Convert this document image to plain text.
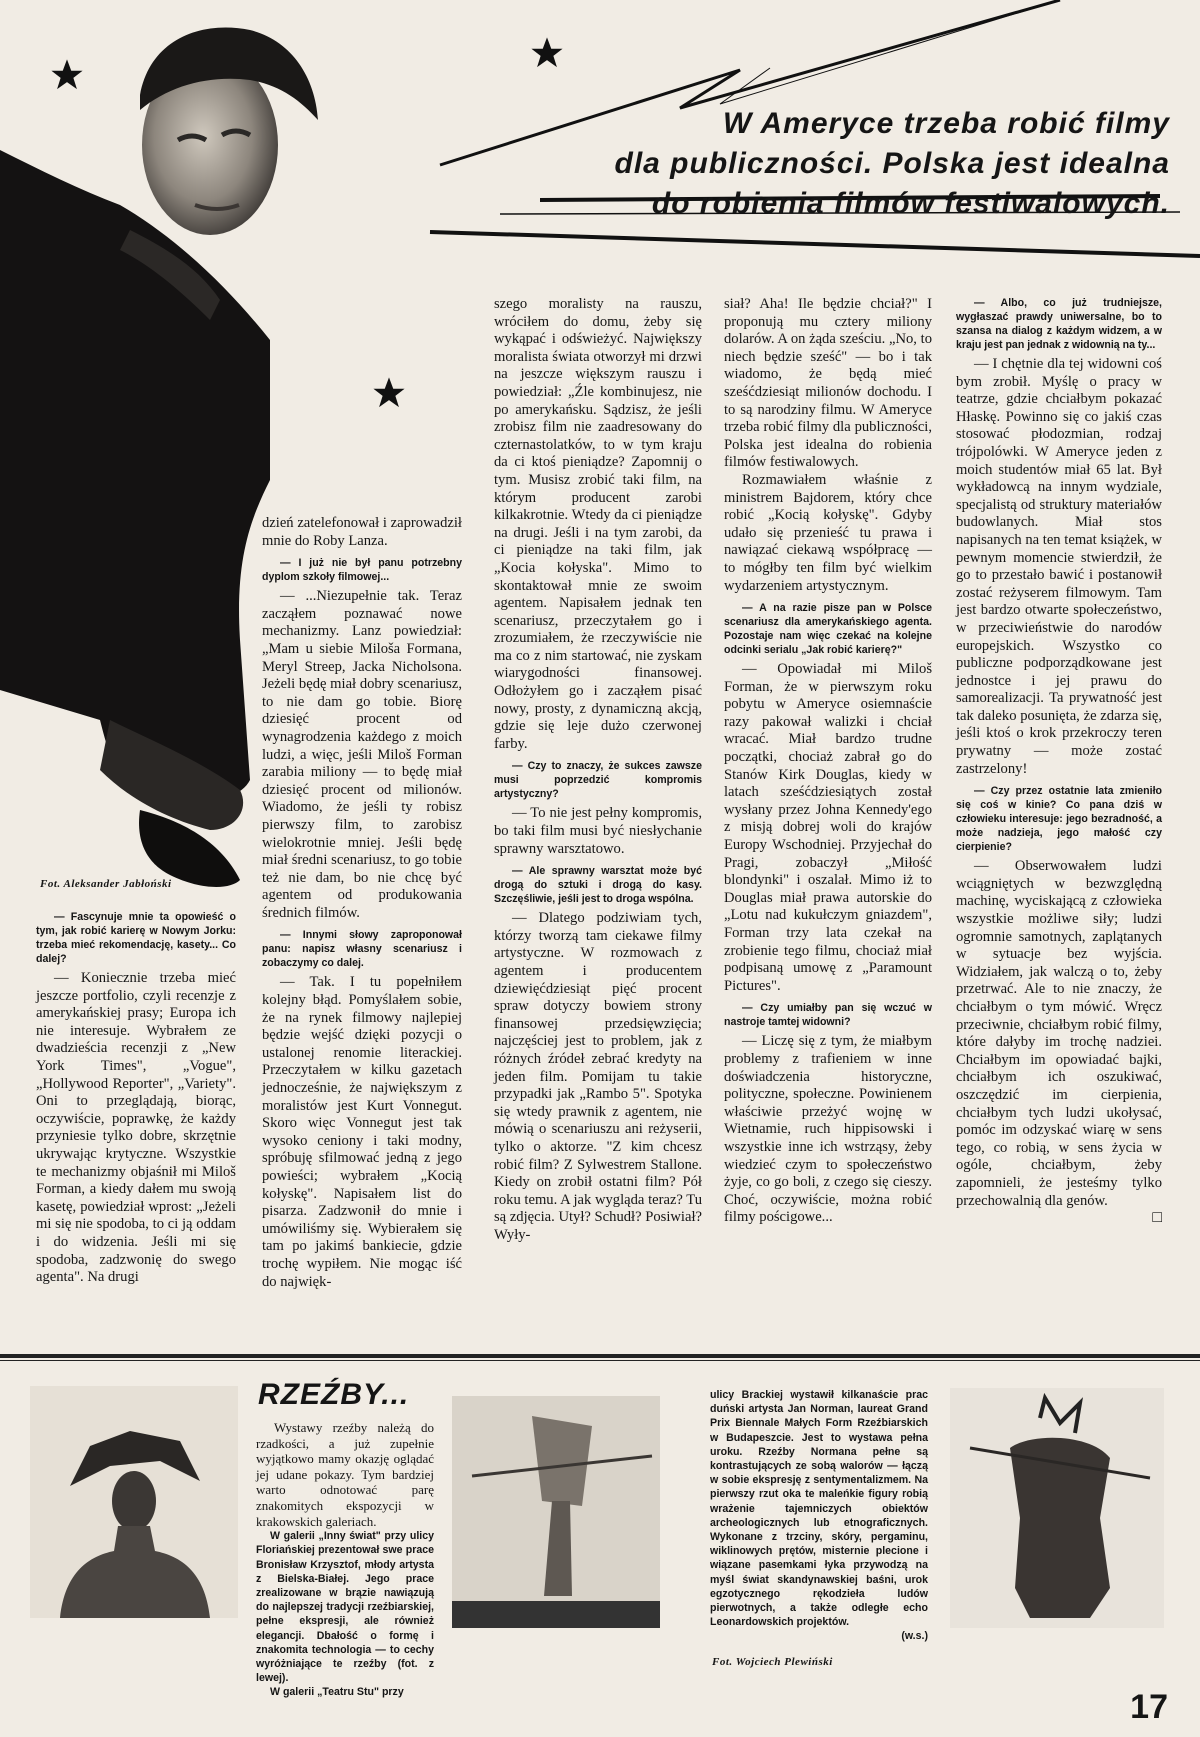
W Ameryce trzeba robić filmy
dla publiczności. Polska jest idealna
do robienia filmów festiwalowych.
Fot. Aleksander Jabłoński

— Fascynuje mnie ta opowieść o tym, jak robić karierę w Nowym Jorku: trzeba mieć rekomendację, kasety... Co dalej?

— Koniecznie trzeba mieć jeszcze portfolio, czyli recenzje z amerykańskiej prasy; Europa ich nie interesuje. Wybrałem ze dwadzieścia recenzji z „New York Times", „Vogue", „Hollywood Reporter", „Variety". Oni to przeglądają, biorąc, oczywiście, poprawkę, że każdy przyniesie tylko dobre, skrzętnie ukrywając krytyczne. Wszystkie te mechanizmy objaśnił mi Miloš Forman, a kiedy dałem mu swoją kasetę, powiedział wprost: „Jeżeli mi się nie spodoba, to ci ją oddam i do widzenia. Jeśli mi się spodoba, zadzwonię do swego agenta". Na drugi

dzień zatelefonował i zaprowadził mnie do Roby Lanza.

— I już nie był panu potrzebny dyplom szkoły filmowej...

— ...Niezupełnie tak. Teraz zacząłem poznawać nowe mechanizmy. Lanz powiedział: „Mam u siebie Miloša Formana, Meryl Streep, Jacka Nicholsona. Jeżeli będę miał dobry scenariusz, to nie dam go tobie. Biorę dziesięć procent od wynagrodzenia każdego z moich ludzi, a więc, jeśli Miloš Forman zarabia miliony — to będę miał dziesięć procent od milionów. Wiadomo, że jeśli ty robisz pierwszy film, to zarobisz wielokrotnie mniej. Jeśli będę miał średni scenariusz, to go tobie też nie dam, bo nie chcę być agentem od produkowania średnich filmów.

— Innymi słowy zaproponował panu: napisz własny scenariusz i zobaczymy co dalej.

— Tak. I tu popełniłem kolejny błąd. Pomyślałem sobie, że na rynek filmowy najlepiej będzie wejść dzięki pozycji o ustalonej renomie literackiej. Przeczytałem w kilku gazetach jednocześnie, że największym z moralistów jest Kurt Vonnegut. Skoro więc Vonnegut jest tak wysoko ceniony i taki modny, spróbuję sfilmować jedną z jego powieści; wybrałem „Kocią kołyskę". Napisałem list do pisarza. Zadzwonił do mnie i umówiliśmy się. Wybierałem się tam po jakimś bankiecie, gdzie trochę wypiłem. Nie mogąc iść do najwięk-

szego moralisty na rauszu, wróciłem do domu, żeby się wykąpać i odświeżyć. Największy moralista świata otworzył mi drzwi na jeszcze większym rauszu i powiedział: „Źle kombinujesz, nie po amerykańsku. Sądzisz, że jeśli zrobisz film nie zaadresowany do czternastolatków, to w tym kraju da ci ktoś pieniądze? Zapomnij o tym. Musisz zrobić taki film, na którym producent zarobi kilkakrotnie. Wtedy da ci pieniądze na drugi. Jeśli i na tym zarobi, da ci pieniądze na taki film, jak „Kocia kołyska". Mimo to skontaktował mnie ze swoim agentem. Napisałem jednak ten scenariusz, przeczytałem go i zrozumiałem, że rzeczywiście nie ma co z nim startować, nie zyskam wiarygodności finansowej. Odłożyłem go i zacząłem pisać nowy, prosty, z dynamiczną akcją, gdzie się leje dużo czerwonej farby.

— Czy to znaczy, że sukces zawsze musi poprzedzić kompromis artystyczny?

— To nie jest pełny kompromis, bo taki film musi być niesłychanie sprawny warsztatowo.

— Ale sprawny warsztat może być drogą do sztuki i drogą do kasy. Szczęśliwie, jeśli jest to droga wspólna.

— Dlatego podziwiam tych, którzy tworzą tam ciekawe filmy artystyczne. W rozmowach z agentem i producentem dziewięćdziesiąt pięć procent spraw dotyczy bowiem strony finansowej przedsięwzięcia; najczęściej jest to problem, jak z różnych źródeł zebrać kredyty na jeden film. Pomijam tu takie przypadki jak „Rambo 5". Spotyka się wtedy prawnik z agentem, nie mówią o scenariuszu ani reżyserii, tylko o aktorze. "Z kim chcesz robić film? Z Sylwestrem Stallone. Kiedy on zrobił ostatni film? Pół roku temu. A jak wygląda teraz? Tu są zdjęcia. Utył? Schudł? Posiwiał? Wyły-

siał? Aha! Ile będzie chciał?" I proponują mu cztery miliony dolarów. A on żąda sześciu. „No, to niech będzie sześć" — bo i tak wiadomo, że będą mieć sześćdziesiąt milionów dochodu. I to są narodziny filmu. W Ameryce trzeba robić filmy dla publiczności, Polska jest idealna do robienia filmów festiwalowych.

Rozmawiałem właśnie z ministrem Bajdorem, który chce robić „Kocią kołyskę". Gdyby udało się przenieść tu prawa i nawiązać ciekawą współpracę — to mógłby ten film być wielkim wydarzeniem artystycznym.

— A na razie pisze pan w Polsce scenariusz dla amerykańskiego agenta. Pozostaje nam więc czekać na kolejne odcinki serialu „Jak robić karierę?"

— Opowiadał mi Miloš Forman, że w pierwszym roku pobytu w Ameryce osiemnaście razy pakował walizki i chciał wracać. Miał bardzo trudne początki, chociaż zabrał go do Stanów Kirk Douglas, kiedy w latach sześćdziesiątych został wysłany przez Johna Kennedy'ego z misją dobrej woli do krajów Europy Wschodniej. Przyjechał do Pragi, zobaczył „Miłość blondynki" i oszalał. Mimo iż to Douglas miał prawa autorskie do „Lotu nad kukułczym gniazdem", Forman trzy lata czekał na zrobienie tego filmu, chociaż miał podpisaną umowę z „Paramount Pictures".

— Czy umiałby pan się wczuć w nastroje tamtej widowni?

— Liczę się z tym, że miałbym problemy z trafieniem w inne doświadczenia historyczne, polityczne, społeczne. Powinienem właściwie przeżyć wojnę w Wietnamie, ruch hippisowski i wszystkie inne ich wstrząsy, żeby wiedzieć czym to społeczeństwo żyje, co go boli, z czego się cieszy. Choć, oczywiście, można robić filmy pościgowe...

— Albo, co już trudniejsze, wygłaszać prawdy uniwersalne, bo to szansa na dialog z każdym widzem, a w kraju jest pan jednak z widownią na ty...

— I chętnie dla tej widowni coś bym zrobił. Myślę o pracy w teatrze, gdzie chciałbym pokazać Hłaskę. Powinno się co jakiś czas stosować płodozmian, rodzaj trójpolówki. W Ameryce jeden z moich studentów miał 65 lat. Był wykładowcą na innym wydziale, specjalistą od struktury materiałów budowlanych. Miał stos napisanych na ten temat książek, w pewnym momencie stwierdził, że go to przestało bawić i postanowił zostać reżyserem filmowym. Tam jest bardzo otwarte społeczeństwo, w przeciwieństwie do narodów europejskich. Wszystko co publiczne podporządkowane jest jednostce i jej prawu do samorealizacji. Ta prywatność jest tak daleko posunięta, że zdarza się, jeśli ktoś o krok przekroczy teren prywatny — może zostać zastrzelony!

— Czy przez ostatnie lata zmieniło się coś w kinie? Co pana dziś w człowieku interesuje: jego bezradność, a może nadzieja, jego małość czy cierpienie?

— Obserwowałem ludzi wciągniętych w bezwzględną machinę, wyciskającą z człowieka wszystkie możliwe siły; ludzi ogromnie samotnych, zaplątanych w sytuacje bez wyjścia. Widziałem, jak walczą o to, żeby przetrwać. Ale to nie znaczy, że chciałbym o tym mówić. Wręcz przeciwnie, chciałbym robić filmy, które dałyby im trochę nadziei. Chciałbym im opowiadać bajki, chciałbym ich oszukiwać, oszczędzić im cierpienia, chciałbym tych ludzi ukołysać, pomóc im odzyskać wiarę w sens tego, co robią, w sens życia w ogóle, chciałbym, żeby zapomnieli, że jesteśmy tylko przechowalnią dla genów.

□
RZEŹBY...

Wystawy rzeźby należą do rzadkości, a już zupełnie wyjątkowo mamy okazję oglądać jej udane pokazy. Tym bardziej warto odnotować parę znakomitych ekspozycji w krakowskich galeriach.

W galerii „Inny świat" przy ulicy Floriańskiej prezentował swe prace Bronisław Krzysztof, młody artysta z Bielska-Białej. Jego prace zrealizowane w brązie nawiązują do najlepszej tradycji rzeźbiarskiej, pełne ekspresji, ale również elegancji. Dbałość o formę i znakomita technologia — to cechy wyróżniające te rzeźby (fot. z lewej).

W galerii „Teatru Stu" przy

ulicy Brackiej wystawił kilkanaście prac duński artysta Jan Norman, laureat Grand Prix Biennale Małych Form Rzeźbiarskich w Budapeszcie. Jest to wystawa pełna uroku. Rzeźby Normana pełne są kontrastujących ze sobą walorów — łączą w sobie ekspresję z sentymentalizmem. Na pierwszy rzut oka te maleńkie figury robią wrażenie tajemniczych obiektów archeologicznych lub etnograficznych. Wykonane z trzciny, skóry, pergaminu, wiklinowych prętów, misternie plecione i wiązane pasemkami łyka przywodzą na myśl świat skandynawskiej baśni, urok egzotycznego rękodzieła ludów pierwotnych, a także odległe echo Leonardowskich projektów.

(w.s.)
Fot. Wojciech Plewiński
17
